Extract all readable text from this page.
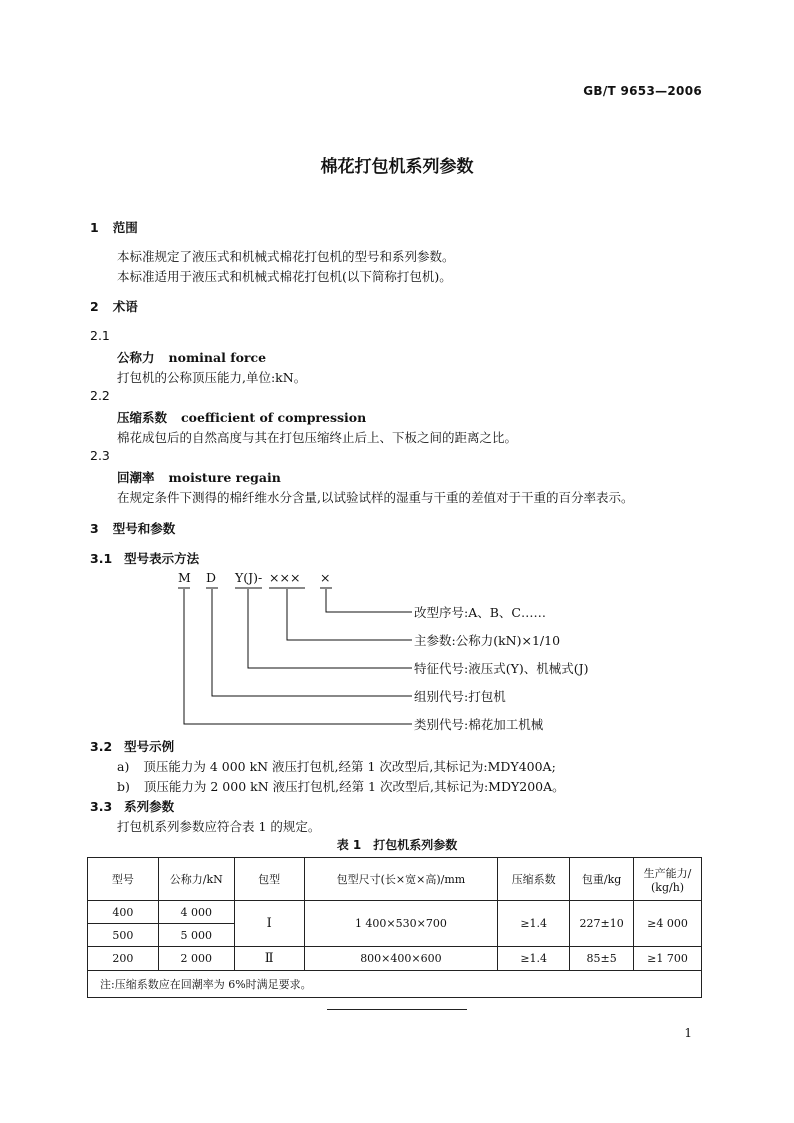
GB/T 9653—2006
棉花打包机系列参数
1 范围
本标准规定了液压式和机械式棉花打包机的型号和系列参数。
本标准适用于液压式和机械式棉花打包机(以下简称打包机)。
2 术语
2.1
公称力 nominal force
打包机的公称顶压能力,单位:kN。
2.2
压缩系数 coefficient of compression
棉花成包后的自然高度与其在打包压缩终止后上、下板之间的距离之比。
2.3
回潮率 moisture regain
在规定条件下测得的棉纤维水分含量,以试验试样的湿重与干重的差值对于干重的百分率表示。
3 型号和参数
3.1 型号表示方法
M D Y(J)- ××× ×
改型序号:A、B、C……
主参数:公称力(kN)×1/10
特征代号:液压式(Y)、机械式(J)
组别代号:打包机
类别代号:棉花加工机械
3.2 型号示例
a) 顶压能力为 4 000 kN 液压打包机,经第 1 次改型后,其标记为:MDY400A;
b) 顶压能力为 2 000 kN 液压打包机,经第 1 次改型后,其标记为:MDY200A。
3.3 系列参数
打包机系列参数应符合表 1 的规定。
表 1　打包机系列参数
型号	公称力/kN	包型	包型尺寸(长×宽×高)/mm	压缩系数	包重/kg	生产能力/
(kg/h)

400	4 000	Ⅰ	1 400×530×700	≥1.4	227±10	≥4 000
500	5 000					
200	2 000	Ⅱ	800×400×600	≥1.4	85±5	≥1 700
注:压缩系数应在回潮率为 6%时满足要求。						
1
